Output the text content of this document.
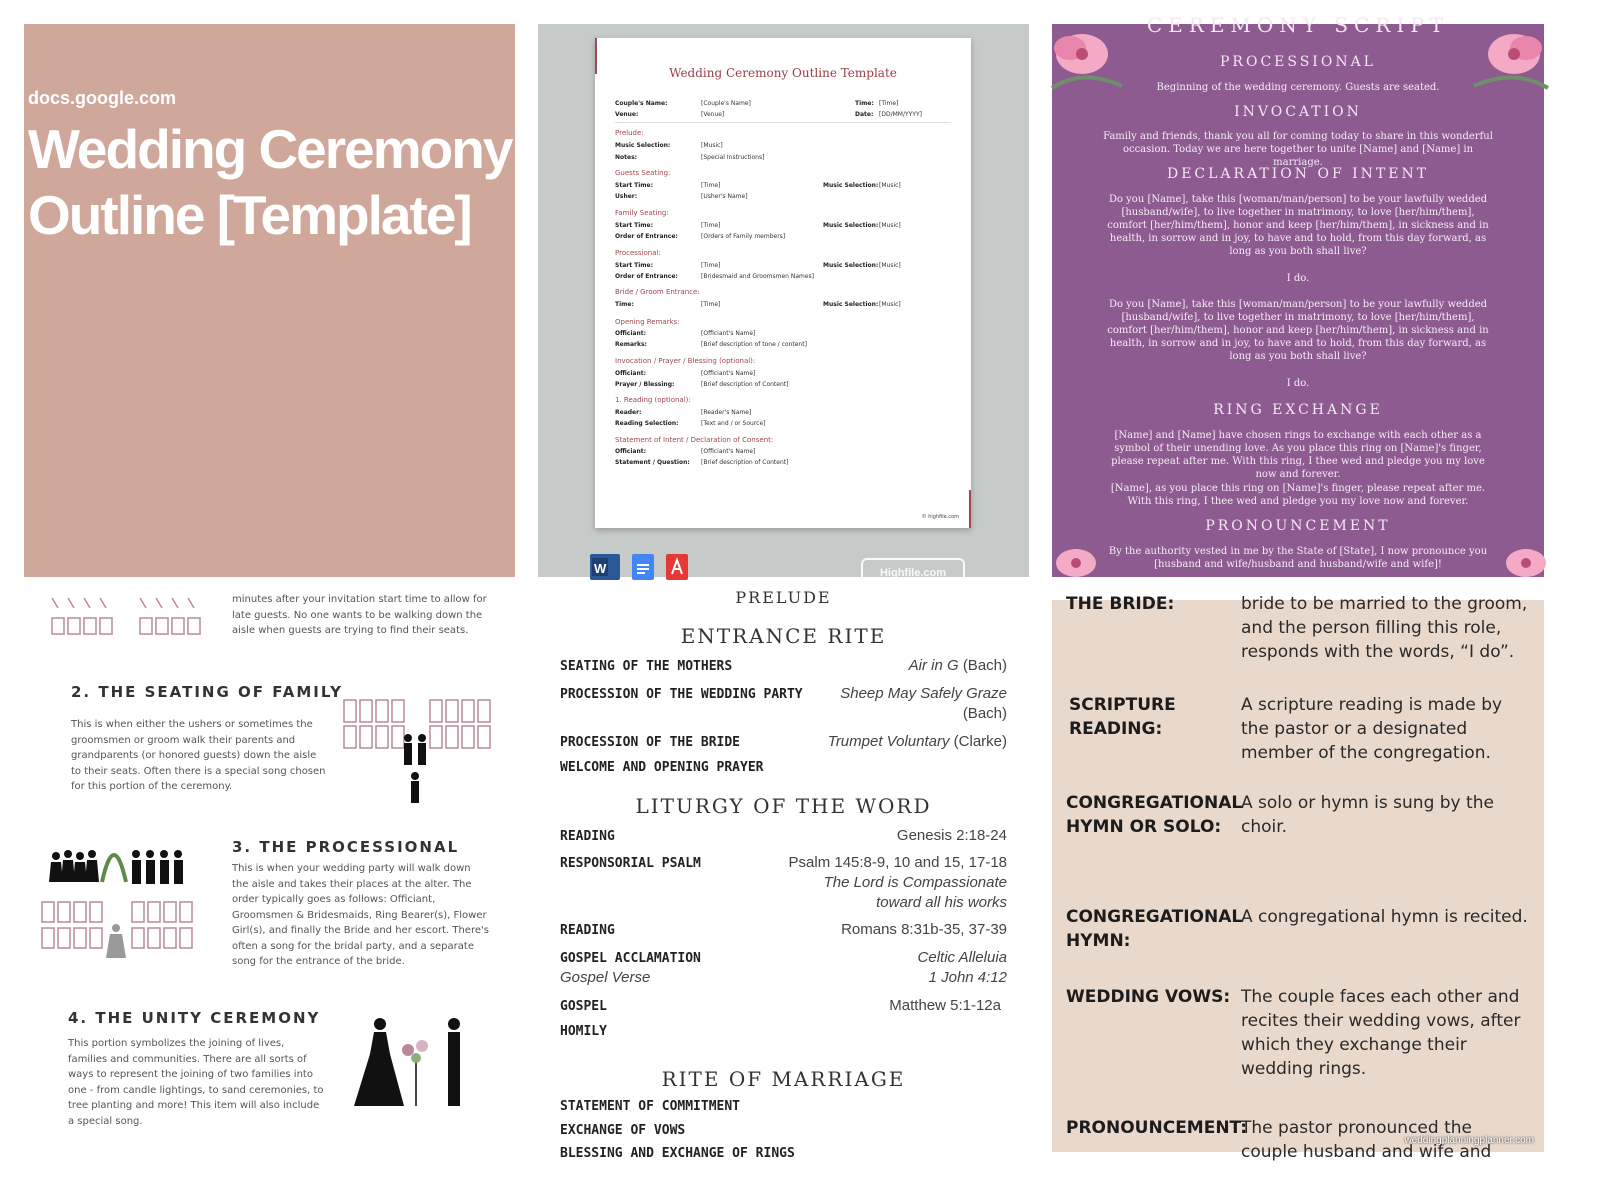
docs.google.com
Wedding Ceremony Outline [Template]
Wedding Ceremony Outline Template
Couple's Name:	[Couple's Name]	Time: [Time]
Venue:	[Venue]	Date: [DD/MM/YYYY]
Prelude:
Music Selection:	[Music]
Notes:	[Special Instructions]
Guests Seating:
Start Time:	[Time]	Music Selection: [Music]
Usher:	[Usher's Name]
Family Seating:
Start Time:	[Time]	Music Selection: [Music]
Order of Entrance:	[Orders of Family members]
Processional:
Start Time:	[Time]	Music Selection: [Music]
Order of Entrance:	[Bridesmaid and Groomsmen Names]
Bride / Groom Entrance:
Time:	[Time]	Music Selection: [Music]
Opening Remarks:
Officiant:	[Officiant's Name]
Remarks:	[Brief description of tone / content]
Invocation / Prayer / Blessing (optional):
Officiant:	[Officiant's Name]
Prayer / Blessing:	[Brief description of Content]
1. Reading (optional):
Reader:	[Reader's Name]
Reading Selection:	[Text and / or Source]
Statement of Intent / Declaration of Consent:
Officiant:	[Officiant's Name]
Statement / Question: [Brief description of Content]
© highfile.com
W	Highfile.com
CEREMONY SCRIPT
PROCESSIONAL
Beginning of the wedding ceremony. Guests are seated.
INVOCATION
Family and friends, thank you all for coming today to share in this wonderful occasion. Today we are here together to unite [Name] and [Name] in marriage.
DECLARATION OF INTENT
Do you [Name], take this [woman/man/person] to be your lawfully wedded [husband/wife], to live together in matrimony, to love [her/him/them], comfort [her/him/them], honor and keep [her/him/them], in sickness and in health, in sorrow and in joy, to have and to hold, from this day forward, as long as you both shall live?
I do.
Do you [Name], take this [woman/man/person] to be your lawfully wedded [husband/wife], to live together in matrimony, to love [her/him/them], comfort [her/him/them], honor and keep [her/him/them], in sickness and in health, in sorrow and in joy, to have and to hold, from this day forward, as long as you both shall live?
I do.
RING EXCHANGE
[Name] and [Name] have chosen rings to exchange with each other as a symbol of their unending love. As you place this ring on [Name]'s finger, please repeat after me. With this ring, I thee wed and pledge you my love now and forever.
[Name], as you place this ring on [Name]'s finger, please repeat after me. With this ring, I thee wed and pledge you my love now and forever.
PRONOUNCEMENT
By the authority vested in me by the State of [State], I now pronounce you [husband and wife/husband and husband/wife and wife]!
minutes after your invitation start time to allow for late guests. No one wants to be walking down the aisle when guests are trying to find their seats.
2. THE SEATING OF FAMILY
This is when either the ushers or sometimes the groomsmen or groom walk their parents and grandparents (or honored guests) down the aisle to their seats. Often there is a special song chosen for this portion of the ceremony.
3. THE PROCESSIONAL
This is when your wedding party will walk down the aisle and takes their places at the alter. The order typically goes as follows: Officiant, Groomsmen & Bridesmaids, Ring Bearer(s), Flower Girl(s), and finally the Bride and her escort. There's often a song for the bridal party, and a separate song for the entrance of the bride.
4. THE UNITY CEREMONY
This portion symbolizes the joining of lives, families and communities. There are all sorts of ways to represent the joining of two families into one - from candle lightings, to sand ceremonies, to tree planting and more! This item will also include a special song.
PRELUDE
ENTRANCE RITE
SEATING OF THE MOTHERS	Air in G (Bach)
PROCESSION OF THE WEDDING PARTY	Sheep May Safely Graze
(Bach)
PROCESSION OF THE BRIDE	Trumpet Voluntary (Clarke)
WELCOME AND OPENING PRAYER
LITURGY OF THE WORD
READING	Genesis 2:18-24
RESPONSORIAL PSALM	Psalm 145:8-9, 10 and 15, 17-18
The Lord is Compassionate
toward all his works
READING	Romans 8:31b-35, 37-39
GOSPEL ACCLAMATION	Celtic Alleluia
Gospel Verse	1 John 4:12
GOSPEL	Matthew 5:1-12a
HOMILY
RITE OF MARRIAGE
STATEMENT OF COMMITMENT
EXCHANGE OF VOWS
BLESSING AND EXCHANGE OF RINGS
THE BRIDE:	bride to be married to the groom, and the person filling this role, responds with the words, “I do”.
SCRIPTURE READING:
A scripture reading is made by the pastor or a designated member of the congregation.
CONGREGATIONAL HYMN OR SOLO:
A solo or hymn is sung by the choir.
CONGREGATIONAL HYMN:
A congregational hymn is recited.
WEDDING VOWS: The couple faces each other and recites their wedding vows, after which they exchange their wedding rings.
PRONOUNCEMENT:
The pastor pronounced the couple husband and wife and
weddingplanningplanner.com
